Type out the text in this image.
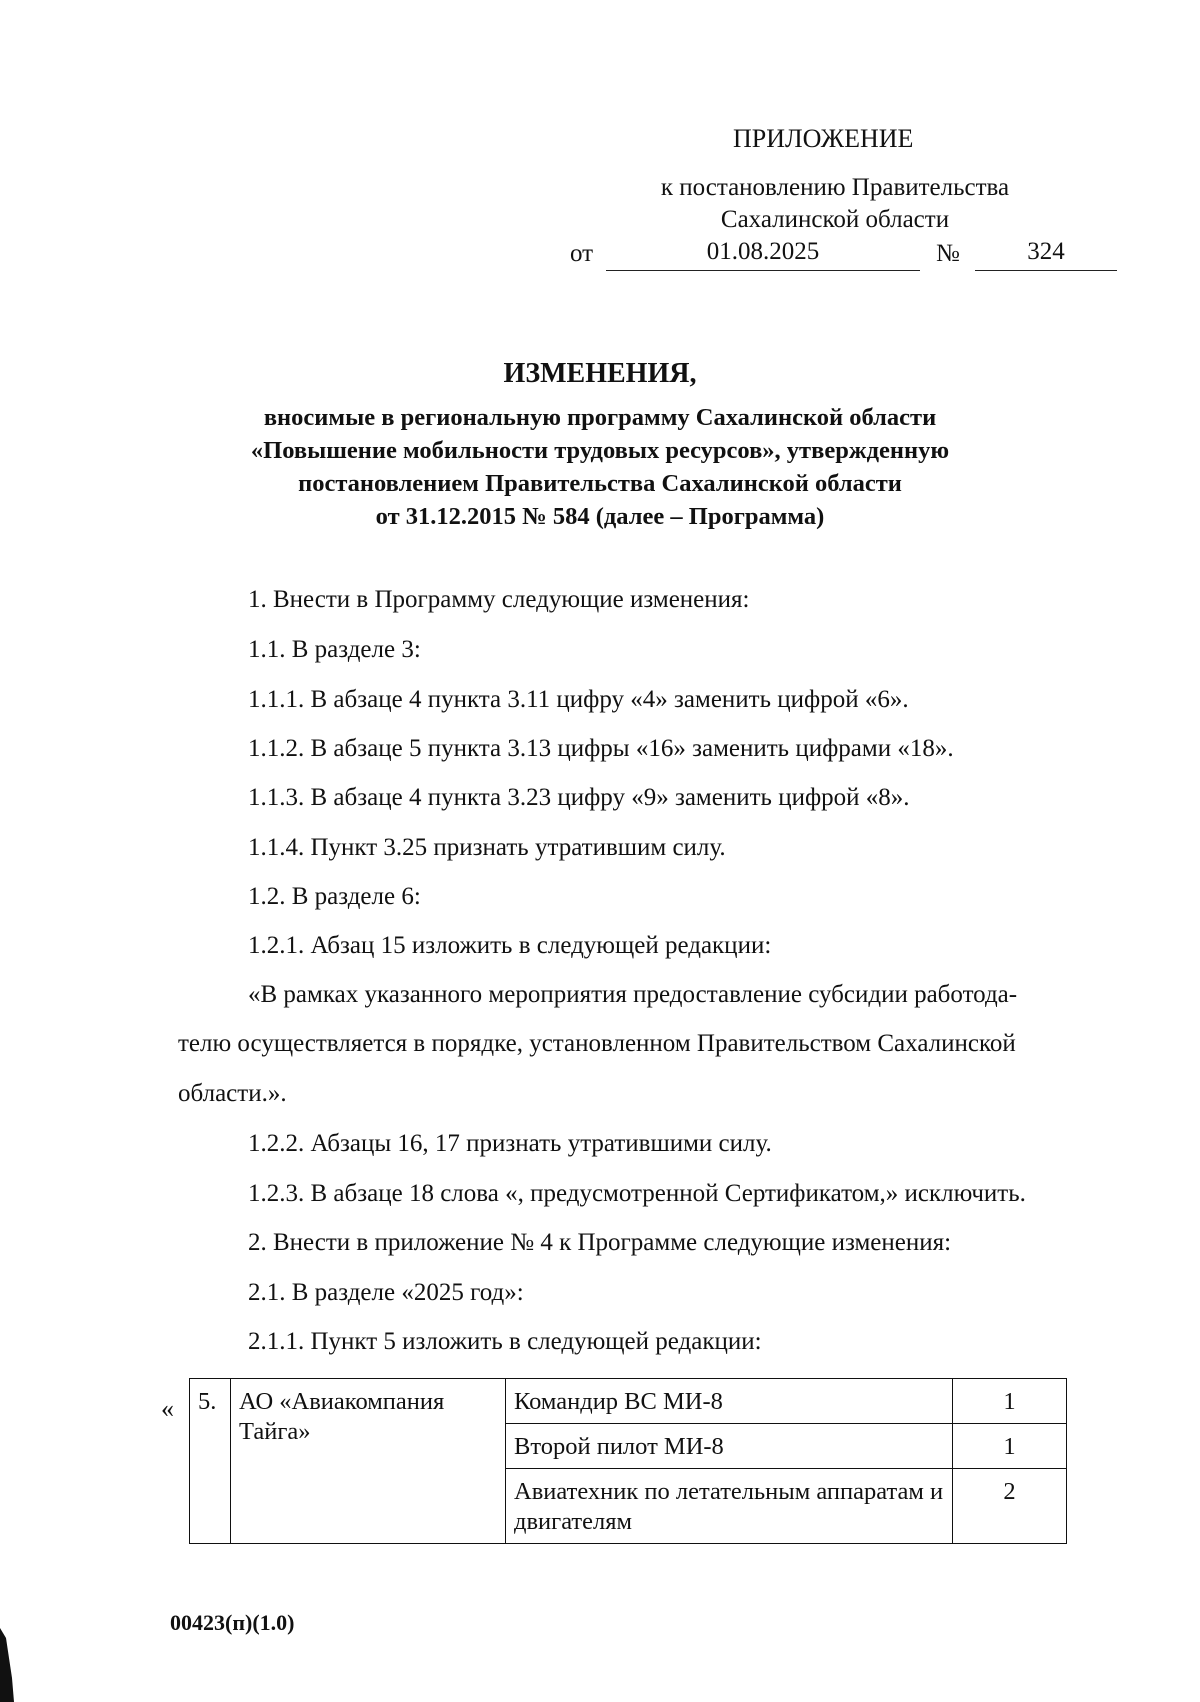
ПРИЛОЖЕНИЕ
к постановлению Правительства
Сахалинской области
от	01.08.2025	№	324
ИЗМЕНЕНИЯ,
вносимые в региональную программу Сахалинской области
«Повышение мобильности трудовых ресурсов», утвержденную
постановлением Правительства Сахалинской области
от 31.12.2015 № 584 (далее – Программа)
1. Внести в Программу следующие изменения:
1.1. В разделе 3:
1.1.1. В абзаце 4 пункта 3.11 цифру «4» заменить цифрой «6».
1.1.2. В абзаце 5 пункта 3.13 цифры «16» заменить цифрами «18».
1.1.3. В абзаце 4 пункта 3.23 цифру «9» заменить цифрой «8».
1.1.4. Пункт 3.25 признать утратившим силу.
1.2. В разделе 6:
1.2.1. Абзац 15 изложить в следующей редакции:
«В рамках указанного мероприятия предоставление субсидии работода-
телю осуществляется в порядке, установленном Правительством Сахалинской
области.».
1.2.2. Абзацы 16, 17 признать утратившими силу.
1.2.3. В абзаце 18 слова «, предусмотренной Сертификатом,» исключить.
2. Внести в приложение № 4 к Программе следующие изменения:
2.1. В разделе «2025 год»:
2.1.1. Пункт 5 изложить в следующей редакции:
« 5.	АО «Авиакомпания Тайга»	Командир ВС МИ-8	1
		Второй пилот МИ-8	1
		Авиатехник по летательным аппаратам и двигателям	2
00423(п)(1.0)
